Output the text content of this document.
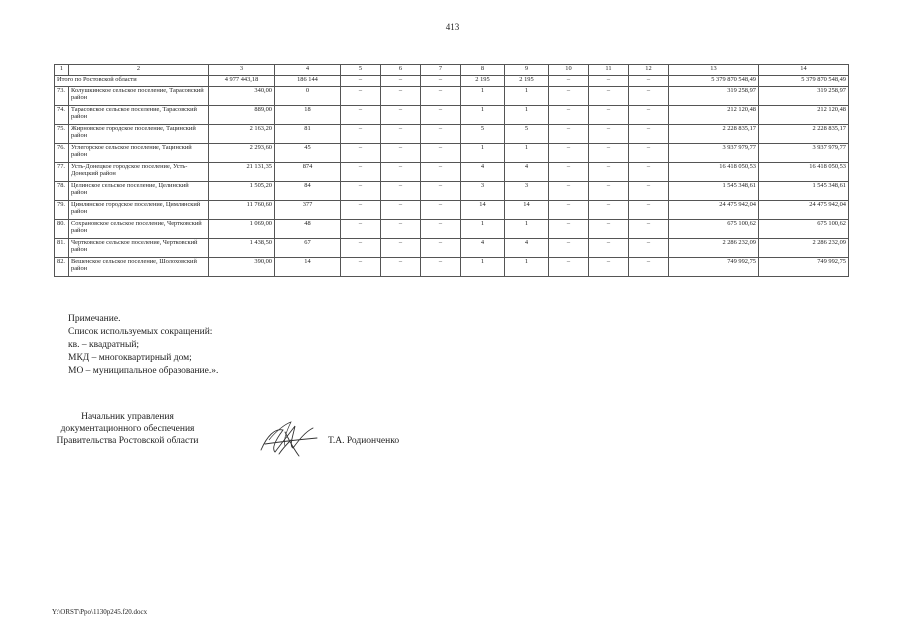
413
1	2	3	4	5	6	7	8	9	10	11	12	13	14
Итого по Ростовской области		4 977 443,18	186 144	–	–	–	2 195	2 195	–	–	–	5 379 870 548,49	5 379 870 548,49
73.	Колушкинское сельское поселение, Тарасовский район	340,00	0	–	–	–	1	1	–	–	–	319 258,97	319 258,97
74.	Тарасовское сельское поселение, Тарасовский район	889,00	18	–	–	–	1	1	–	–	–	212 120,48	212 120,48
75.	Жирновское городское поселение, Тацинский район	2 163,20	81	–	–	–	5	5	–	–	–	2 228 835,17	2 228 835,17
76.	Углегорское сельское поселение, Тацинский район	2 293,60	45	–	–	–	1	1	–	–	–	3 937 979,77	3 937 979,77
77.	Усть-Донецкое городское поселение, Усть-Донецкий район	21 131,35	874	–	–	–	4	4	–	–	–	16 418 050,53	16 418 050,53
78.	Целинское сельское поселение, Целинский район	1 505,20	84	–	–	–	3	3	–	–	–	1 545 348,61	1 545 348,61
79.	Цимлянское городское поселение, Цимлянский район	11 760,60	377	–	–	–	14	14	–	–	–	24 475 942,04	24 475 942,04
80.	Сохрановское сельское поселение, Чертковский район	1 069,00	48	–	–	–	1	1	–	–	–	675 100,62	675 100,62
81.	Чертковское сельское поселение, Чертковский район	1 438,50	67	–	–	–	4	4	–	–	–	2 286 232,09	2 286 232,09
82.	Вешенское сельское поселение, Шолоховский район	390,00	14	–	–	–	1	1	–	–	–	749 992,75	749 992,75
Примечание.
Список используемых сокращений:
кв. – квадратный;
МКД – многоквартирный дом;
МО – муниципальное образование.».
Начальник управления
документационного обеспечения
Правительства Ростовской области	Т.А. Родионченко
Y:\ORST\Ppo\1130p245.f20.docx
